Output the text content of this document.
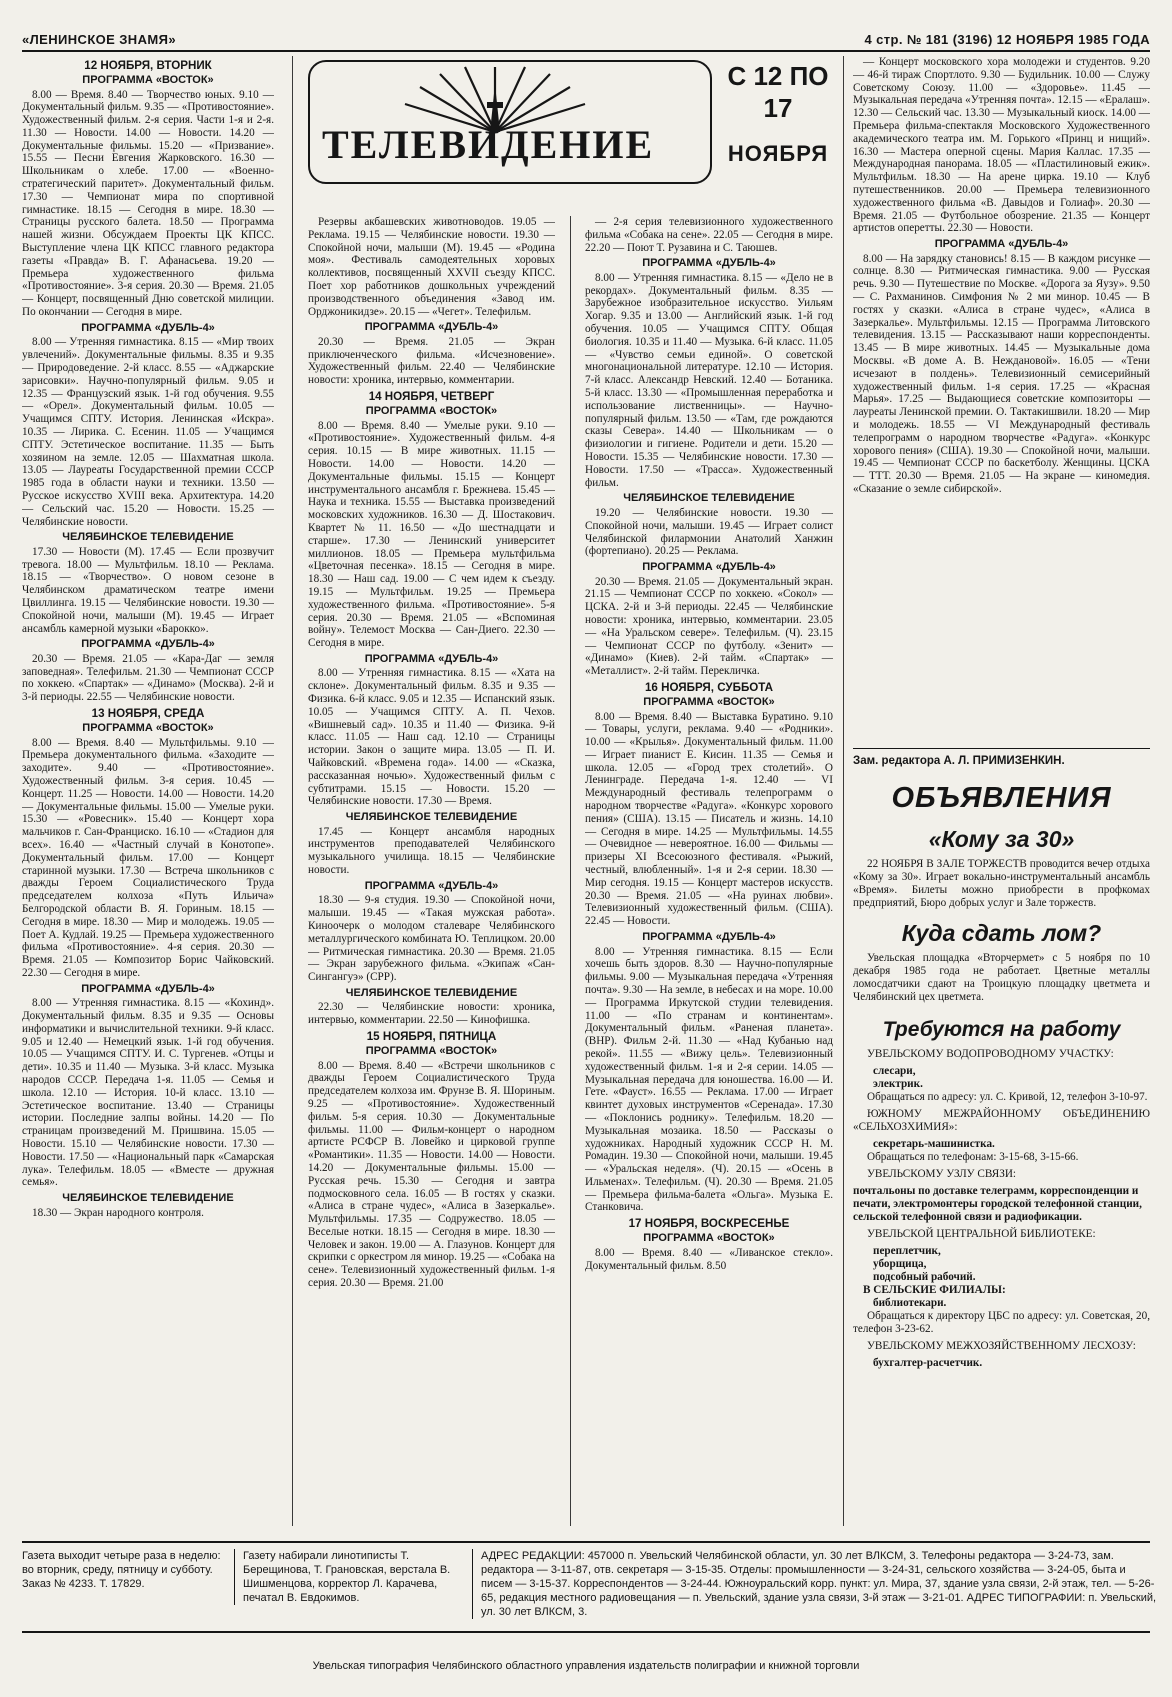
«ЛЕНИНСКОЕ ЗНАМЯ»	4 стр. № 181 (3196) 12 НОЯБРЯ 1985 ГОДА
ТЕЛЕВИДЕНИЕ
С 12 ПО 17
НОЯБРЯ
12 НОЯБРЯ, ВТОРНИК
ПРОГРАММА «ВОСТОК»

8.00 — Время. 8.40 — Творчество юных. 9.10 — Документальный фильм. 9.35 — «Противостояние». Художественный фильм. 2-я серия. Части 1-я и 2-я. 11.30 — Новости. 14.00 — Новости. 14.20 — Документальные фильмы. 15.20 — «Призвание». 15.55 — Песни Евгения Жарковского. 16.30 — Школьникам о хлебе. 17.00 — «Военно-стратегический паритет». Документальный фильм. 17.30 — Чемпионат мира по спортивной гимнастике. 18.15 — Сегодня в мире. 18.30 — Страницы русского балета. 18.50 — Программа нашей жизни. Обсуждаем Проекты ЦК КПСС. Выступление члена ЦК КПСС главного редактора газеты «Правда» В. Г. Афанасьева. 19.20 — Премьера художественного фильма «Противостояние». 3-я серия. 20.30 — Время. 21.05 — Концерт, посвященный Дню советской милиции. По окончании — Сегодня в мире.

ПРОГРАММА «ДУБЛЬ-4»

8.00 — Утренняя гимнастика. 8.15 — «Мир твоих увлечений». Документальные фильмы. 8.35 и 9.35 — Природоведение. 2-й класс. 8.55 — «Аджарские зарисовки». Научно-популярный фильм. 9.05 и 12.35 — Французский язык. 1-й год обучения. 9.55 — «Орел». Документальный фильм. 10.05 — Учащимся СПТУ. История. Ленинская «Искра». 10.35 — Лирика. С. Есенин. 11.05 — Учащимся СПТУ. Эстетическое воспитание. 11.35 — Быть хозяином на земле. 12.05 — Шахматная школа. 13.05 — Лауреаты Государственной премии СССР 1985 года в области науки и техники. 13.50 — Русское искусство XVIII века. Архитектура. 14.20 — Сельский час. 15.20 — Новости. 15.25 — Челябинские новости.

ЧЕЛЯБИНСКОЕ ТЕЛЕВИДЕНИЕ

17.30 — Новости (М). 17.45 — Если прозвучит тревога. 18.00 — Мультфильм. 18.10 — Реклама. 18.15 — «Творчество». О новом сезоне в Челябинском драматическом театре имени Цвиллинга. 19.15 — Челябинские новости. 19.30 — Спокойной ночи, малыши (М). 19.45 — Играет ансамбль камерной музыки «Барокко».

ПРОГРАММА «ДУБЛЬ-4»

20.30 — Время. 21.05 — «Кара-Даг — земля заповедная». Телефильм. 21.30 — Чемпионат СССР по хоккею. «Спартак» — «Динамо» (Москва). 2-й и 3-й периоды. 22.55 — Челябинские новости.

13 НОЯБРЯ, СРЕДА
ПРОГРАММА «ВОСТОК»

8.00 — Время. 8.40 — Мультфильмы. 9.10 — Премьера документального фильма. «Заходите — заходите». 9.40 — «Противостояние». Художественный фильм. 3-я серия. 10.45 — Концерт. 11.25 — Новости. 14.00 — Новости. 14.20 — Документальные фильмы. 15.00 — Умелые руки. 15.30 — «Ровесник». 15.40 — Концерт хора мальчиков г. Сан-Франциско. 16.10 — «Стадион для всех». 16.40 — «Частный случай в Конотопе». Документальный фильм. 17.00 — Концерт старинной музыки. 17.30 — Встреча школьников с дважды Героем Социалистического Труда председателем колхоза «Путь Ильича» Белгородской области В. Я. Гориным. 18.15 — Сегодня в мире. 18.30 — Мир и молодежь. 19.05 — Поет А. Кудлай. 19.25 — Премьера художественного фильма «Противостояние». 4-я серия. 20.30 — Время. 21.05 — Композитор Борис Чайковский. 22.30 — Сегодня в мире.

ПРОГРАММА «ДУБЛЬ-4»

8.00 — Утренняя гимнастика. 8.15 — «Кохинд». Документальный фильм. 8.35 и 9.35 — Основы информатики и вычислительной техники. 9-й класс. 9.05 и 12.40 — Немецкий язык. 1-й год обучения. 10.05 — Учащимся СПТУ. И. С. Тургенев. «Отцы и дети». 10.35 и 11.40 — Музыка. 3-й класс. Музыка народов СССР. Передача 1-я. 11.05 — Семья и школа. 12.10 — История. 10-й класс. 13.10 — Эстетическое воспитание. 13.40 — Страницы истории. Последние залпы войны. 14.20 — По страницам произведений М. Пришвина. 15.05 — Новости. 15.10 — Челябинские новости. 17.30 — Новости. 17.50 — «Национальный парк «Самарская лука». Телефильм. 18.05 — «Вместе — дружная семья».

ЧЕЛЯБИНСКОЕ ТЕЛЕВИДЕНИЕ

18.30 — Экран народного контроля.

Резервы акбашевских животноводов. 19.05 — Реклама. 19.15 — Челябинские новости. 19.30 — Спокойной ночи, малыши (М). 19.45 — «Родина моя». Фестиваль самодеятельных хоровых коллективов, посвященный XXVII съезду КПСС. Поет хор работников дошкольных учреждений производственного объединения «Завод им. Орджоникидзе». 20.15 — «Чегет». Телефильм.

ПРОГРАММА «ДУБЛЬ-4»

20.30 — Время. 21.05 — Экран приключенческого фильма. «Исчезновение». Художественный фильм. 22.40 — Челябинские новости: хроника, интервью, комментарии.

14 НОЯБРЯ, ЧЕТВЕРГ
ПРОГРАММА «ВОСТОК»

8.00 — Время. 8.40 — Умелые руки. 9.10 — «Противостояние». Художественный фильм. 4-я серия. 10.15 — В мире животных. 11.15 — Новости. 14.00 — Новости. 14.20 — Документальные фильмы. 15.15 — Концерт инструментального ансамбля г. Брежнева. 15.45 — Наука и техника. 15.55 — Выставка произведений московских художников. 16.30 — Д. Шостакович. Квартет № 11. 16.50 — «До шестнадцати и старше». 17.30 — Ленинский университет миллионов. 18.05 — Премьера мультфильма «Цветочная песенка». 18.15 — Сегодня в мире. 18.30 — Наш сад. 19.00 — С чем идем к съезду. 19.15 — Мультфильм. 19.25 — Премьера художественного фильма. «Противостояние». 5-я серия. 20.30 — Время. 21.05 — «Вспоминая войну». Телемост Москва — Сан-Диего. 22.30 — Сегодня в мире.

ПРОГРАММА «ДУБЛЬ-4»

8.00 — Утренняя гимнастика. 8.15 — «Хата на склоне». Документальный фильм. 8.35 и 9.35 — Физика. 6-й класс. 9.05 и 12.35 — Испанский язык. 10.05 — Учащимся СПТУ. А. П. Чехов. «Вишневый сад». 10.35 и 11.40 — Физика. 9-й класс. 11.05 — Наш сад. 12.10 — Страницы истории. Закон о защите мира. 13.05 — П. И. Чайковский. «Времена года». 14.00 — «Сказка, рассказанная ночью». Художественный фильм с субтитрами. 15.15 — Новости. 15.20 — Челябинские новости. 17.30 — Время.

ЧЕЛЯБИНСКОЕ ТЕЛЕВИДЕНИЕ

17.45 — Концерт ансамбля народных инструментов преподавателей Челябинского музыкального училища. 18.15 — Челябинские новости.

ПРОГРАММА «ДУБЛЬ-4»

18.30 — 9-я студия. 19.30 — Спокойной ночи, малыши. 19.45 — «Такая мужская работа». Киноочерк о молодом сталеваре Челябинского металлургического комбината Ю. Теплицком. 20.00 — Ритмическая гимнастика. 20.30 — Время. 21.05 — Экран зарубежного фильма. «Экипаж «Сан-Сингангуэ» (СРР).

ЧЕЛЯБИНСКОЕ ТЕЛЕВИДЕНИЕ

22.30 — Челябинские новости: хроника, интервью, комментарии. 22.50 — Кинофишка.

15 НОЯБРЯ, ПЯТНИЦА
ПРОГРАММА «ВОСТОК»

8.00 — Время. 8.40 — «Встречи школьников с дважды Героем Социалистического Труда председателем колхоза им. Фрунзе В. Я. Шориным. 9.25 — «Противостояние». Художественный фильм. 5-я серия. 10.30 — Документальные фильмы. 11.00 — Фильм-концерт о народном артисте РСФСР В. Ловейко и цирковой группе «Романтики». 11.35 — Новости. 14.00 — Новости. 14.20 — Документальные фильмы. 15.00 — Русская речь. 15.30 — Сегодня и завтра подмосковного села. 16.05 — В гостях у сказки. «Алиса в стране чудес», «Алиса в Зазеркалье». Мультфильмы. 17.35 — Содружество. 18.05 — Веселые нотки. 18.15 — Сегодня в мире. 18.30 — Человек и закон. 19.00 — А. Глазунов. Концерт для скрипки с оркестром ля минор. 19.25 — «Собака на сене». Телевизионный художественный фильм. 1-я серия. 20.30 — Время. 21.00

— 2-я серия телевизионного художественного фильма «Собака на сене». 22.05 — Сегодня в мире. 22.20 — Поют Т. Рузавина и С. Таюшев.

ПРОГРАММА «ДУБЛЬ-4»

8.00 — Утренняя гимнастика. 8.15 — «Дело не в рекордах». Документальный фильм. 8.35 — Зарубежное изобразительное искусство. Уильям Хогар. 9.35 и 13.00 — Английский язык. 1-й год обучения. 10.05 — Учащимся СПТУ. Общая биология. 10.35 и 11.40 — Музыка. 6-й класс. 11.05 — «Чувство семьи единой». О советской многонациональной литературе. 12.10 — История. 7-й класс. Александр Невский. 12.40 — Ботаника. 5-й класс. 13.30 — «Промышленная переработка и использование лиственницы». — Научно-популярный фильм. 13.50 — «Там, где рождаются сказы Севера». 14.40 — Школьникам — о физиологии и гигиене. Родители и дети. 15.20 — Новости. 15.35 — Челябинские новости. 17.30 — Новости. 17.50 — «Трасса». Художественный фильм.

ЧЕЛЯБИНСКОЕ ТЕЛЕВИДЕНИЕ

19.20 — Челябинские новости. 19.30 — Спокойной ночи, малыши. 19.45 — Играет солист Челябинской филармонии Анатолий Ханжин (фортепиано). 20.25 — Реклама.

ПРОГРАММА «ДУБЛЬ-4»

20.30 — Время. 21.05 — Документальный экран. 21.15 — Чемпионат СССР по хоккею. «Сокол» — ЦСКА. 2-й и 3-й периоды. 22.45 — Челябинские новости: хроника, интервью, комментарии. 23.05 — «На Уральском севере». Телефильм. (Ч). 23.15 — Чемпионат СССР по футболу. «Зенит» — «Динамо» (Киев). 2-й тайм. «Спартак» — «Металлист». 2-й тайм. Перекличка.

16 НОЯБРЯ, СУББОТА
ПРОГРАММА «ВОСТОК»

8.00 — Время. 8.40 — Выставка Буратино. 9.10 — Товары, услуги, реклама. 9.40 — «Родники». 10.00 — «Крылья». Документальный фильм. 11.00 — Играет пианист Е. Кисин. 11.35 — Семья и школа. 12.05 — «Город трех столетий». О Ленинграде. Передача 1-я. 12.40 — VI Международный фестиваль телепрограмм о народном творчестве «Радуга». «Конкурс хорового пения» (США). 13.15 — Писатель и жизнь. 14.10 — Сегодня в мире. 14.25 — Мультфильмы. 14.55 — Очевидное — невероятное. 16.00 — Фильмы — призеры XI Всесоюзного фестиваля. «Рыжий, честный, влюбленный». 1-я и 2-я серии. 18.30 — Мир сегодня. 19.15 — Концерт мастеров искусств. 20.30 — Время. 21.05 — «На руинах любви». Телевизионный художественный фильм. (США). 22.45 — Новости.

ПРОГРАММА «ДУБЛЬ-4»

8.00 — Утренняя гимнастика. 8.15 — Если хочешь быть здоров. 8.30 — Научно-популярные фильмы. 9.00 — Музыкальная передача «Утренняя почта». 9.30 — На земле, в небесах и на море. 10.00 — Программа Иркутской студии телевидения. 11.00 — «По странам и континентам». Документальный фильм. «Раненая планета». (ВНР). Фильм 2-й. 11.30 — «Над Кубанью над рекой». 11.55 — «Вижу цель». Телевизионный художественный фильм. 1-я и 2-я серии. 14.05 — Музыкальная передача для юношества. 16.00 — И. Гете. «Фауст». 16.55 — Реклама. 17.00 — Играет квинтет духовых инструментов «Серенада». 17.30 — «Поклонись роднику». Телефильм. 18.20 — Музыкальная мозаика. 18.50 — Рассказы о художниках. Народный художник СССР Н. М. Ромадин. 19.30 — Спокойной ночи, малыши. 19.45 — «Уральская неделя». (Ч). 20.15 — «Осень в Ильменах». Телефильм. (Ч). 20.30 — Время. 21.05 — Премьера фильма-балета «Ольга». Музыка Е. Станковича.

17 НОЯБРЯ, ВОСКРЕСЕНЬЕ
ПРОГРАММА «ВОСТОК»

8.00 — Время. 8.40 — «Ливанское стекло». Документальный фильм. 8.50

— Концерт московского хора молодежи и студентов. 9.20 — 46-й тираж Спортлото. 9.30 — Будильник. 10.00 — Служу Советскому Союзу. 11.00 — «Здоровье». 11.45 — Музыкальная передача «Утренняя почта». 12.15 — «Ералаш». 12.30 — Сельский час. 13.30 — Музыкальный киоск. 14.00 — Премьера фильма-спектакля Московского Художественного академического театра им. М. Горького «Принц и нищий». 16.30 — Мастера оперной сцены. Мария Каллас. 17.35 — Международная панорама. 18.05 — «Пластилиновый ежик». Мультфильм. 18.30 — На арене цирка. 19.10 — Клуб путешественников. 20.00 — Премьера телевизионного художественного фильма «В. Давыдов и Голиаф». 20.30 — Время. 21.05 — Футбольное обозрение. 21.35 — Концерт артистов оперетты. 22.30 — Новости.

ПРОГРАММА «ДУБЛЬ-4»

8.00 — На зарядку становись! 8.15 — В каждом рисунке — солнце. 8.30 — Ритмическая гимнастика. 9.00 — Русская речь. 9.30 — Путешествие по Москве. «Дорога за Яузу». 9.50 — С. Рахманинов. Симфония № 2 ми минор. 10.45 — В гостях у сказки. «Алиса в стране чудес», «Алиса в Зазеркалье». Мультфильмы. 12.15 — Программа Литовского телевидения. 13.15 — Рассказывают наши корреспонденты. 13.45 — В мире животных. 14.45 — Музыкальные дома Москвы. «В доме А. В. Неждановой». 16.05 — «Тени исчезают в полдень». Телевизионный семисерийный художественный фильм. 1-я серия. 17.25 — «Красная Марья». 17.25 — Выдающиеся советские композиторы — лауреаты Ленинской премии. О. Тактакишвили. 18.20 — Мир и молодежь. 18.55 — VI Международный фестиваль телепрограмм о народном творчестве «Радуга». «Конкурс хорового пения» (США). 19.30 — Спокойной ночи, малыши. 19.45 — Чемпионат СССР по баскетболу. Женщины. ЦСКА — ТТТ. 20.30 — Время. 21.05 — На экране — киномедия. «Сказание о земле сибирской».

Зам. редактора А. Л. ПРИМИЗЕНКИН.
ОБЪЯВЛЕНИЯ
«Кому за 30»

22 НОЯБРЯ В ЗАЛЕ ТОРЖЕСТВ проводится вечер отдыха «Кому за 30». Играет вокально-инструментальный ансамбль «Время». Билеты можно приобрести в профкомах предприятий, Бюро добрых услуг и Зале торжеств.

Куда сдать лом?

Увельская площадка «Вторчермет» с 5 ноября по 10 декабря 1985 года не работает. Цветные металлы ломосдатчики сдают на Троицкую площадку цветмета и Челябинский цех цветмета.

Требуются на работу

УВЕЛЬСКОМУ ВОДОПРОВОДНОМУ УЧАСТКУ:

слесари,
электрик.

Обращаться по адресу: ул. С. Кривой, 12, телефон 3-10-97.

ЮЖНОМУ МЕЖРАЙОННОМУ ОБЪЕДИНЕНИЮ «СЕЛЬХОЗХИМИЯ»:

секретарь-машинистка.

Обращаться по телефонам: 3-15-68, 3-15-66.

УВЕЛЬСКОМУ УЗЛУ СВЯЗИ:

почтальоны по доставке телеграмм, корреспонденции и печати, электромонтеры городской телефонной станции, сельской телефонной связи и радиофикации.

УВЕЛЬСКОЙ ЦЕНТРАЛЬНОЙ БИБЛИОТЕКЕ:

переплетчик,
уборщица,
подсобный рабочий.
В СЕЛЬСКИЕ ФИЛИАЛЫ:
библиотекари.

Обращаться к директору ЦБС по адресу: ул. Советская, 20, телефон 3-23-62.

УВЕЛЬСКОМУ МЕЖХОЗЯЙСТВЕННОМУ ЛЕСХОЗУ:

бухгалтер-расчетчик.
Газета выходит четыре раза в неделю: во вторник, среду, пятницу и субботу. Заказ № 4233. Т. 17829.
Газету набирали линотиписты Т. Берещинова, Т. Грановская, верстала В. Шишменцова, корректор Л. Карачева, печатал В. Евдокимов.
АДРЕС РЕДАКЦИИ: 457000 п. Увельский Челябинской области, ул. 30 лет ВЛКСМ, 3. Телефоны редактора — 3-24-73, зам. редактора — 3-11-87, отв. секретаря — 3-15-35. Отделы: промышленности — 3-24-31, сельского хозяйства — 3-24-05, быта и писем — 3-15-37. Корреспондентов — 3-24-44. Южноуральский корр. пункт: ул. Мира, 37, здание узла связи, 2-й этаж, тел. — 5-26-65, редакция местного радиовещания — п. Увельский, здание узла связи, 3-й этаж — 3-21-01. АДРЕС ТИПОГРАФИИ: п. Увельский, ул. 30 лет ВЛКСМ, 3.
Увельская типография Челябинского областного управления издательств полиграфии и книжной торговли
